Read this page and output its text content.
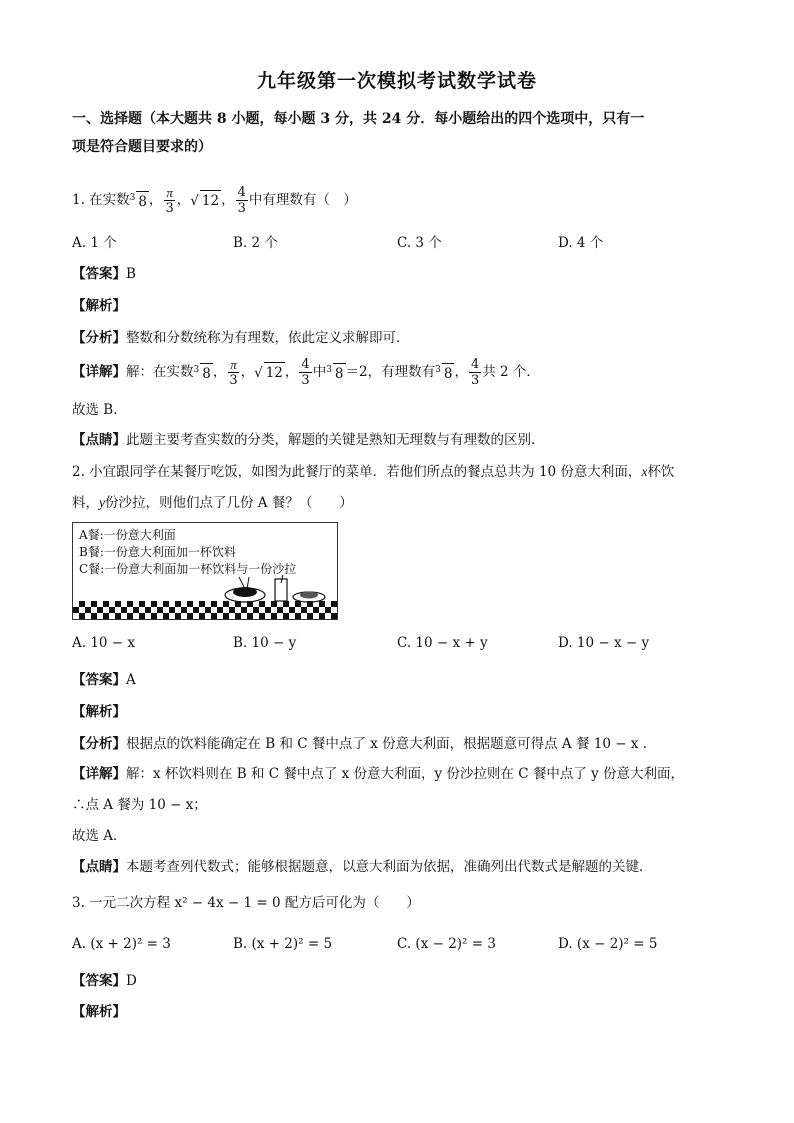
九年级第一次模拟考试数学试卷
一、选择题（本大题共 8 小题，每小题 3 分，共 24 分．每小题给出的四个选项中，只有一
项是符合题目要求的）
1. 在实数 $^3$ 8 ， $\frac{\pi}{3}$ ， √ 12 ， $\frac{4}{3}$ 中有理数有（　）
A. 1 个	B. 2 个	C. 3 个	D. 4 个
【答案】B
【解析】
【分析】整数和分数统称为有理数，依此定义求解即可．
【详解】 解：在实数 $^3$ 8 ， $\frac{\pi}{3}$ ， √ 12 ， $\frac{4}{3}$ 中 $^3$ 8 ＝2，有理数有 $^3$ 8 ， $\frac{4}{3}$ 共 2 个．
故选 B．
【点睛】此题主要考查实数的分类，解题的关键是熟知无理数与有理数的区别.
2. 小宜跟同学在某餐厅吃饭，如图为此餐厅的菜单．若他们所点的餐点总共为 10 份意大利面，x杯饮
料，y份沙拉，则他们点了几份 A 餐？（　　）
A餐:一份意大利面
B餐:一份意大利面加一杯饮料
C餐:一份意大利面加一杯饮料与一份沙拉
A. 10 − x	B. 10 − y	C. 10 − x + y	D. 10 − x − y
【答案】A
【解析】
【分析】根据点的饮料能确定在 B 和 C 餐中点了 x 份意大利面，根据题意可得点 A 餐 10 − x .
【详解】解：x 杯饮料则在 B 和 C 餐中点了 x 份意大利面，y 份沙拉则在 C 餐中点了 y 份意大利面，
∴点 A 餐为 10 − x；
故选 A．
【点睛】本题考查列代数式；能够根据题意，以意大利面为依据，准确列出代数式是解题的关键．
3. 一元二次方程 x² − 4x − 1 = 0 配方后可化为（　　）
A. (x + 2)² = 3	B. (x + 2)² = 5	C. (x − 2)² = 3	D. (x − 2)² = 5
【答案】D
【解析】
